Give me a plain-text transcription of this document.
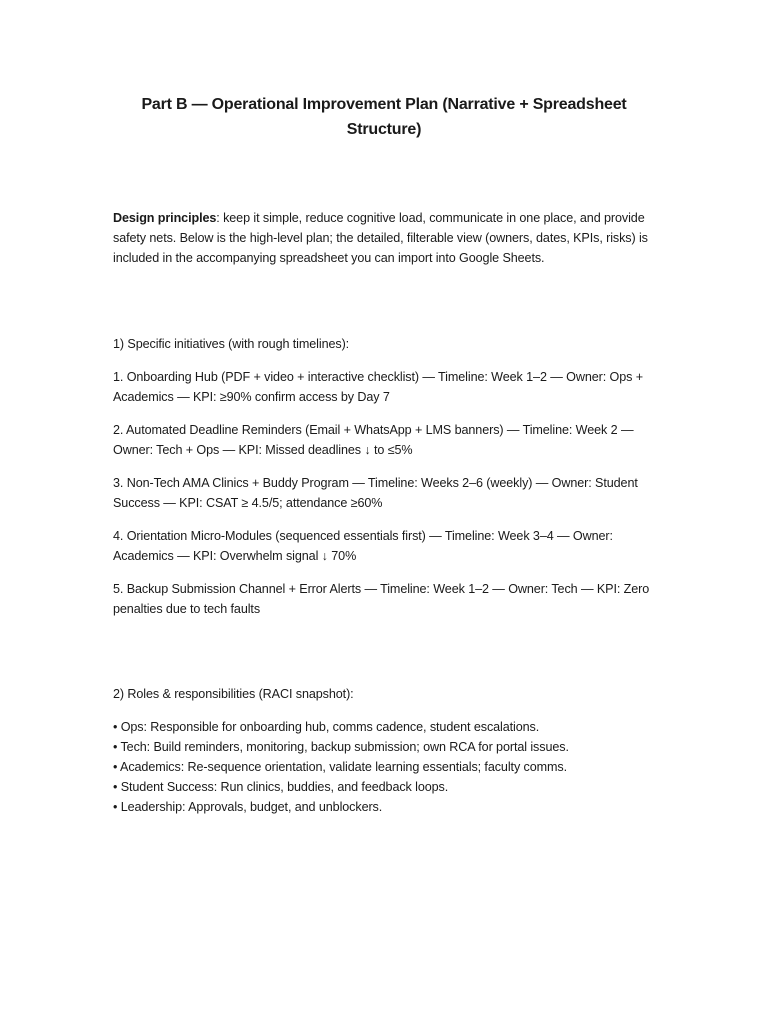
Part B — Operational Improvement Plan (Narrative + Spreadsheet Structure)
Design principles: keep it simple, reduce cognitive load, communicate in one place, and provide safety nets. Below is the high-level plan; the detailed, filterable view (owners, dates, KPIs, risks) is included in the accompanying spreadsheet you can import into Google Sheets.
1) Specific initiatives (with rough timelines):
1. Onboarding Hub (PDF + video + interactive checklist) — Timeline: Week 1–2 — Owner: Ops + Academics — KPI: ≥90% confirm access by Day 7
2. Automated Deadline Reminders (Email + WhatsApp + LMS banners) — Timeline: Week 2 — Owner: Tech + Ops — KPI: Missed deadlines ↓ to ≤5%
3. Non-Tech AMA Clinics + Buddy Program — Timeline: Weeks 2–6 (weekly) — Owner: Student Success — KPI: CSAT ≥ 4.5/5; attendance ≥60%
4. Orientation Micro-Modules (sequenced essentials first) — Timeline: Week 3–4 — Owner: Academics — KPI: Overwhelm signal ↓ 70%
5. Backup Submission Channel + Error Alerts — Timeline: Week 1–2 — Owner: Tech — KPI: Zero penalties due to tech faults
2) Roles & responsibilities (RACI snapshot):
• Ops: Responsible for onboarding hub, comms cadence, student escalations.
• Tech: Build reminders, monitoring, backup submission; own RCA for portal issues.
• Academics: Re-sequence orientation, validate learning essentials; faculty comms.
• Student Success: Run clinics, buddies, and feedback loops.
• Leadership: Approvals, budget, and unblockers.
